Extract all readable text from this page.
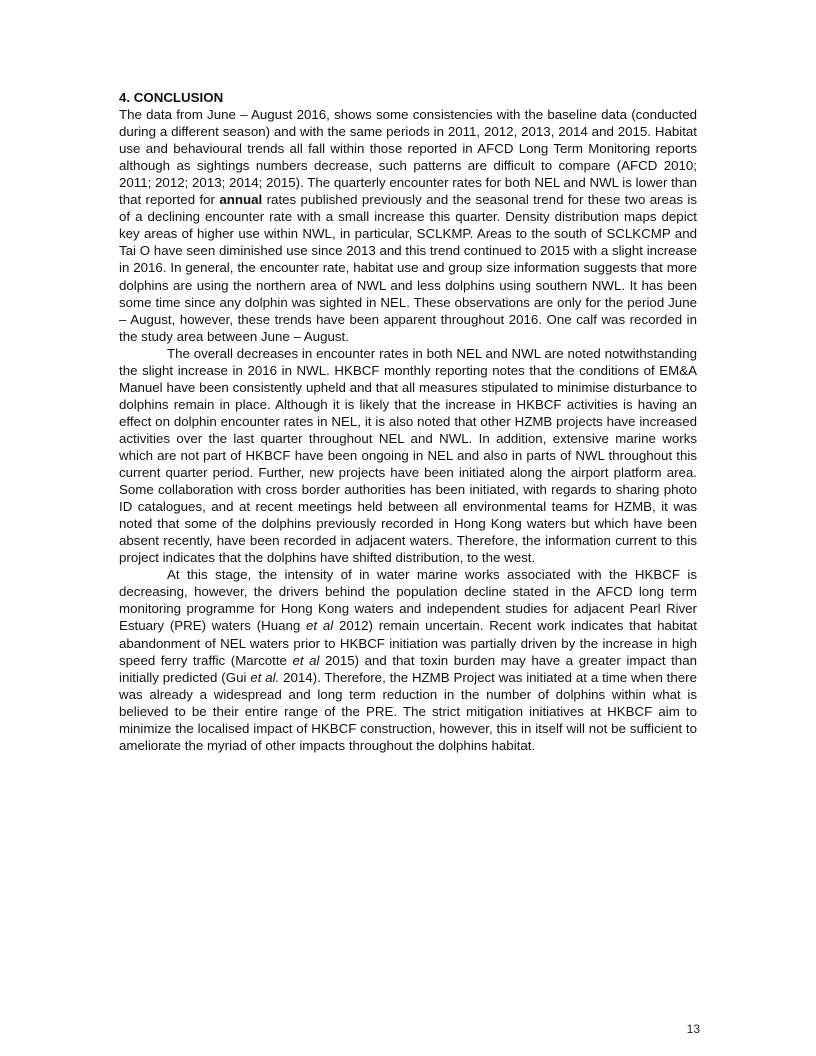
4. CONCLUSION

The data from June – August 2016, shows some consistencies with the baseline data (conducted during a different season) and with the same periods in 2011, 2012, 2013, 2014 and 2015. Habitat use and behavioural trends all fall within those reported in AFCD Long Term Monitoring reports although as sightings numbers decrease, such patterns are difficult to compare (AFCD 2010; 2011; 2012; 2013; 2014; 2015). The quarterly encounter rates for both NEL and NWL is lower than that reported for annual rates published previously and the seasonal trend for these two areas is of a declining encounter rate with a small increase this quarter. Density distribution maps depict key areas of higher use within NWL, in particular, SCLKMP. Areas to the south of SCLKCMP and Tai O have seen diminished use since 2013 and this trend continued to 2015 with a slight increase in 2016. In general, the encounter rate, habitat use and group size information suggests that more dolphins are using the northern area of NWL and less dolphins using southern NWL. It has been some time since any dolphin was sighted in NEL. These observations are only for the period June – August, however, these trends have been apparent throughout 2016. One calf was recorded in the study area between June – August.

The overall decreases in encounter rates in both NEL and NWL are noted notwithstanding the slight increase in 2016 in NWL. HKBCF monthly reporting notes that the conditions of EM&A Manuel have been consistently upheld and that all measures stipulated to minimise disturbance to dolphins remain in place. Although it is likely that the increase in HKBCF activities is having an effect on dolphin encounter rates in NEL, it is also noted that other HZMB projects have increased activities over the last quarter throughout NEL and NWL. In addition, extensive marine works which are not part of HKBCF have been ongoing in NEL and also in parts of NWL throughout this current quarter period. Further, new projects have been initiated along the airport platform area. Some collaboration with cross border authorities has been initiated, with regards to sharing photo ID catalogues, and at recent meetings held between all environmental teams for HZMB, it was noted that some of the dolphins previously recorded in Hong Kong waters but which have been absent recently, have been recorded in adjacent waters. Therefore, the information current to this project indicates that the dolphins have shifted distribution, to the west.

At this stage, the intensity of in water marine works associated with the HKBCF is decreasing, however, the drivers behind the population decline stated in the AFCD long term monitoring programme for Hong Kong waters and independent studies for adjacent Pearl River Estuary (PRE) waters (Huang et al 2012) remain uncertain. Recent work indicates that habitat abandonment of NEL waters prior to HKBCF initiation was partially driven by the increase in high speed ferry traffic (Marcotte et al 2015) and that toxin burden may have a greater impact than initially predicted (Gui et al. 2014). Therefore, the HZMB Project was initiated at a time when there was already a widespread and long term reduction in the number of dolphins within what is believed to be their entire range of the PRE. The strict mitigation initiatives at HKBCF aim to minimize the localised impact of HKBCF construction, however, this in itself will not be sufficient to ameliorate the myriad of other impacts throughout the dolphins habitat.

13
